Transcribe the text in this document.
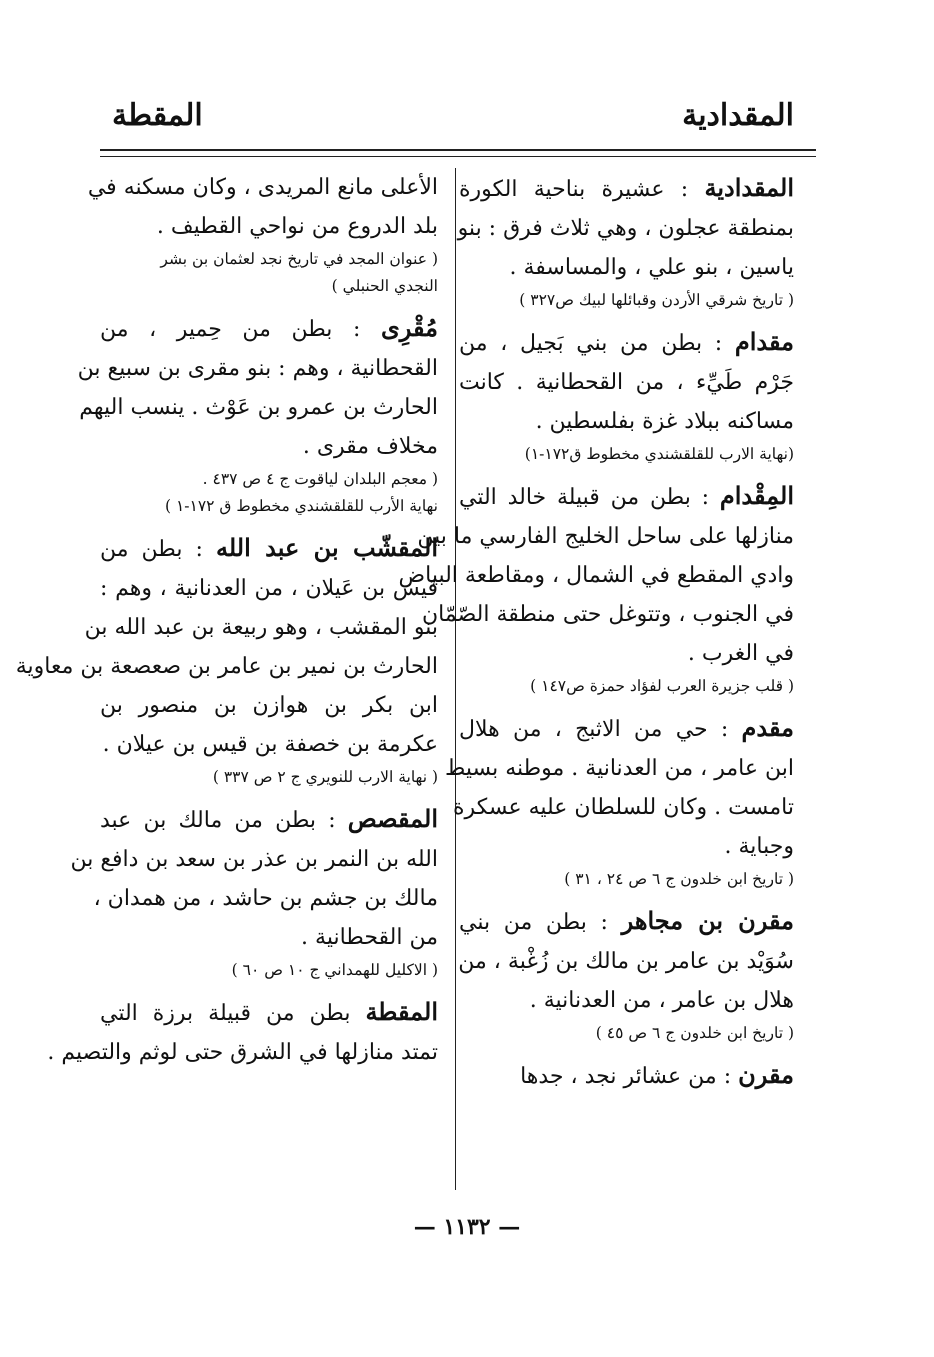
المقدادية
المقطة
المقدادية : عشيرة بناحية الكورة
بمنطقة عجلون ، وهي ثلاث فرق : بنو
ياسين ، بنو علي ، والمساسفة .
( تاريخ شرقي الأردن وقبائلها لبيك ص٣٢٧ )
مقدام : بطن من بني بَجيل ، من
جَرْم طَيِّء ، من القحطانية . كانت
مساكنه ببلاد غزة بفلسطين .
(نهاية الارب للقلقشندي مخطوط ق١٧٢-١)
المِقْدام : بطن من قبيلة خالد التي
منازلها على ساحل الخليج الفارسي ما بين
وادي المقطع في الشمال ، ومقاطعة البياض
في الجنوب ، وتتوغل حتى منطقة الصّمّان
في الغرب .
( قلب جزيرة العرب لفؤاد حمزة ص١٤٧ )
مقدم : حي من الاثبج ، من هلال
ابن عامر ، من العدنانية . موطنه بسيط
تامست . وكان للسلطان عليه عسكرة
وجباية .
( تاريخ ابن خلدون ج ٦ ص ٢٤ ، ٣١ )
مقرن بن مجاهر : بطن من بني
سُوَيْد بن عامر بن مالك بن زُغْبة ، من
هلال بن عامر ، من العدنانية .
( تاريخ ابن خلدون ج ٦ ص ٤٥ )
مقرن : من عشائر نجد ، جدها
الأعلى مانع المريدى ، وكان مسكنه في
بلد الدروع من نواحي القطيف .
( عنوان المجد في تاريخ نجد لعثمان بن بشر
النجدي الحنبلي )
مُقْرِى : بطن من حِمير ، من
القحطانية ، وهم : بنو مقرى بن سبيع بن
الحارث بن عمرو بن عَوْث . ينسب اليهم
مخلاف مقرى .
( معجم البلدان لياقوت ج ٤ ص ٤٣٧ .
نهاية الأرب للقلقشندي مخطوط ق ١٧٢-١ )
المقشّب بن عبد الله : بطن من
قيس بن عَيلان ، من العدنانية ، وهم :
بنو المقشب ، وهو ربيعة بن عبد الله بن
الحارث بن نمير بن عامر بن صعصعة بن معاوية
ابن بكر بن هوازن بن منصور بن
عكرمة بن خصفة بن قيس بن عيلان .
( نهاية الارب للنويري ج ٢ ص ٣٣٧ )
المقصص : بطن من مالك بن عبد
الله بن النمر بن عذر بن سعد بن دافع بن
مالك بن جشم بن حاشد ، من همدان ،
من القحطانية .
( الاكليل للهمداني ج ١٠ ص ٦٠ )
المقطة بطن من قبيلة برزة التي
تمتد منازلها في الشرق حتى لوثم والتصيم .
— ١١٣٢ —
